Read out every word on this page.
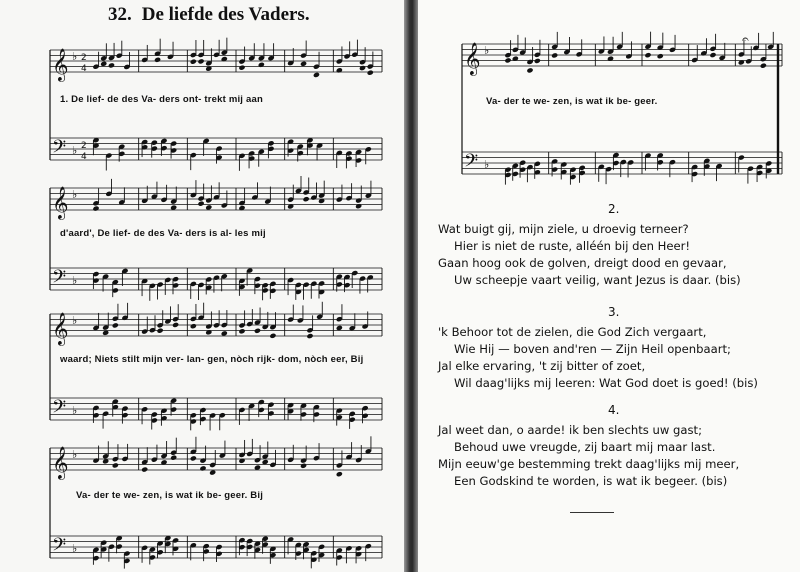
32. De liefde des Vaders.
𝄞
𝄢
♭
♭
2
4
2
4
1. De lief- de des Va- ders ont- trekt mij aan
𝄞
𝄢
♭
♭
d'aard', De lief- de des Va- ders is al- les mij
𝄞
𝄢
♭
♭
waard; Niets stilt mijn ver- lan- gen, nòch rijk- dom, nòch eer, Bij
𝄞
𝄢
♭
♭
Va- der te we- zen, is wat ik be- geer. Bij
𝄞
𝄢
♭
♭
𝄐
Va- der te we- zen, is wat ik be- geer.
2.
Wat buigt gij, mijn ziele, u droevig terneer?
Hier is niet de ruste, alléén bij den Heer!
Gaan hoog ook de golven, dreigt dood en gevaar,
Uw scheepje vaart veilig, want Jezus is daar. (bis)
3.
'k Behoor tot de zielen, die God Zich vergaart,
Wie Hij — boven and'ren — Zijn Heil openbaart;
Jal elke ervaring, 't zij bitter of zoet,
Wil daag'lijks mij leeren: Wat God doet is goed! (bis)
4.
Jal weet dan, o aarde! ik ben slechts uw gast;
Behoud uwe vreugde, zij baart mij maar last.
Mijn eeuw'ge bestemming trekt daag'lijks mij meer,
Een Godskind te worden, is wat ik begeer. (bis)
